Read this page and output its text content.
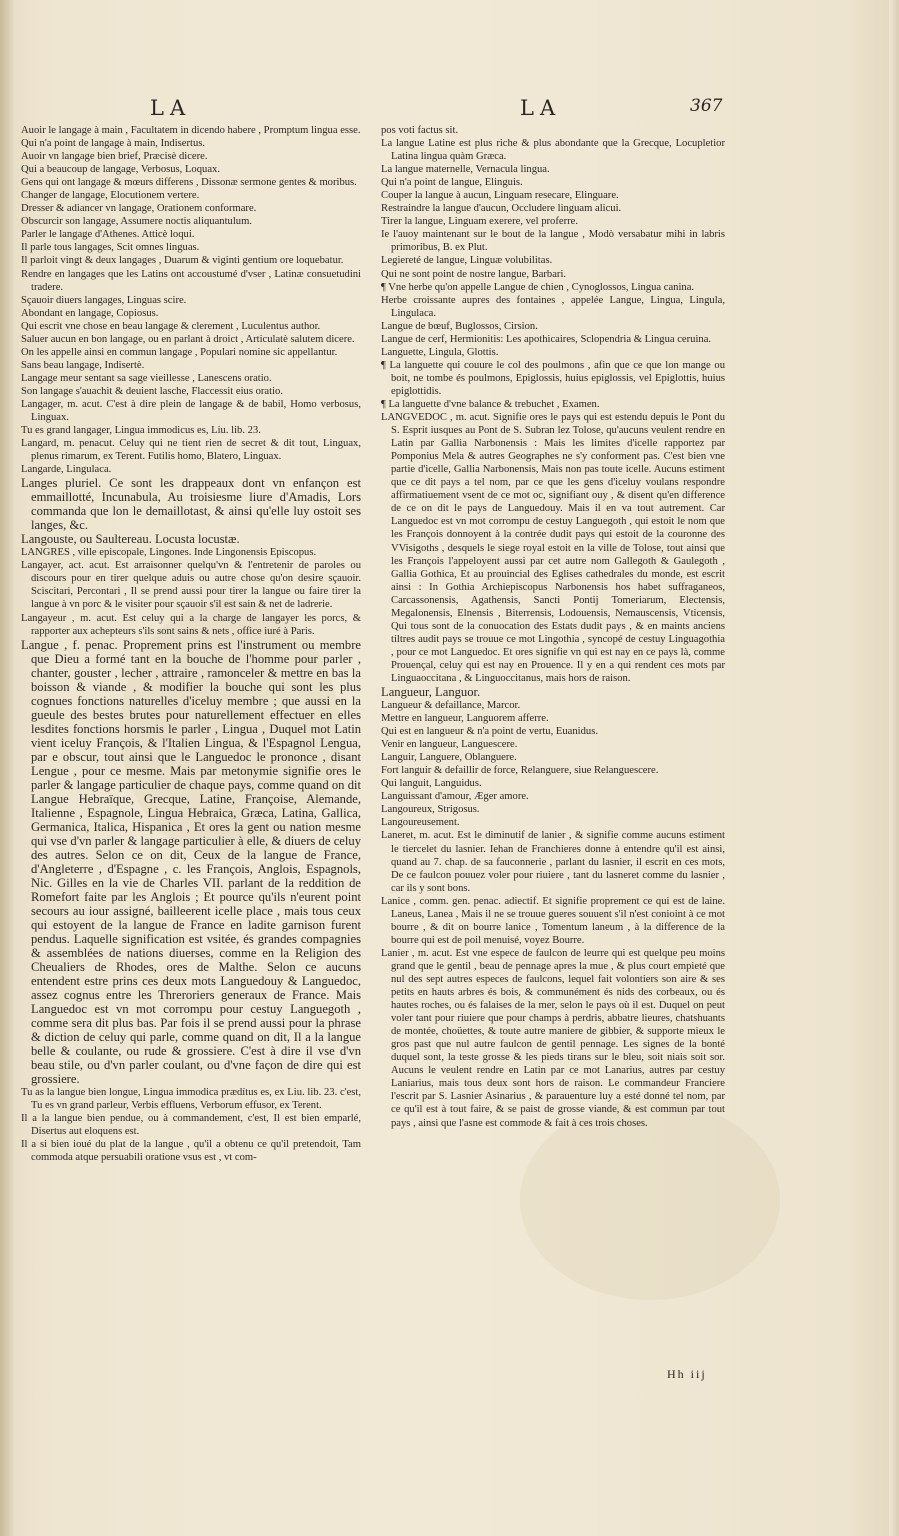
LA	LA	367

Auoir le langage à main , Facultatem in dicendo habere , Promptum lingua esse.

Qui n'a point de langage à main, Indisertus.

Auoir vn langage bien brief, Præcisè dicere.

Qui a beaucoup de langage, Verbosus, Loquax.

Gens qui ont langage & mœurs differens , Dissonæ sermone gentes & moribus.

Changer de langage, Elocutionem vertere.

Dresser & adiancer vn langage, Orationem conformare.

Obscurcir son langage, Assumere noctis aliquantulum.

Parler le langage d'Athenes. Atticè loqui.

Il parle tous langages, Scit omnes linguas.

Il parloit vingt & deux langages , Duarum & viginti gentium ore loquebatur.

Rendre en langages que les Latins ont accoustumé d'vser , Latinæ consuetudini tradere.

Sçauoir diuers langages, Linguas scire.

Abondant en langage, Copiosus.

Qui escrit vne chose en beau langage & clerement , Luculentus author.

Saluer aucun en bon langage, ou en parlant à droict , Articulatè salutem dicere.

On les appelle ainsi en commun langage , Populari nomine sic appellantur.

Sans beau langage, Indisertè.

Langage meur sentant sa sage vieillesse , Lanescens oratio.

Son langage s'auachit & deuient lasche, Flaccessit eius oratio.

Langager, m. acut. C'est à dire plein de langage & de babil, Homo verbosus, Linguax.

Tu es grand langager, Lingua immodicus es, Liu. lib. 23.

Langard, m. penacut. Celuy qui ne tient rien de secret & dit tout, Linguax, plenus rimarum, ex Terent. Futilis homo, Blatero, Linguax.

Langarde, Lingulaca.

Langes pluriel. Ce sont les drappeaux dont vn enfançon est emmaillotté, Incunabula, Au troisiesme liure d'Amadis, Lors commanda que lon le demaillotast, & ainsi qu'elle luy ostoit ses langes, &c.

Langouste, ou Saultereau. Locusta locustæ.

LANGRES , ville episcopale, Lingones. Inde Lingonensis Episcopus.

Langayer, act. acut. Est arraisonner quelqu'vn & l'entretenir de paroles ou discours pour en tirer quelque aduis ou autre chose qu'on desire sçauoir. Sciscitari, Percontari , Il se prend aussi pour tirer la langue ou faire tirer la langue à vn porc & le visiter pour sçauoir s'il est sain & net de ladrerie.

Langayeur , m. acut. Est celuy qui a la charge de langayer les porcs, & rapporter aux achepteurs s'ils sont sains & nets , office iuré à Paris.

Langue , f. penac. Proprement prins est l'instrument ou membre que Dieu a formé tant en la bouche de l'homme pour parler , chanter, gouster , lecher , attraire , ramonceler & mettre en bas la boisson & viande , & modifier la bouche qui sont les plus cognues fonctions naturelles d'iceluy membre ; que aussi en la gueule des bestes brutes pour naturellement effectuer en elles lesdites fonctions horsmis le parler , Lingua , Duquel mot Latin vient iceluy François, & l'Italien Lingua, & l'Espagnol Lengua, par e obscur, tout ainsi que le Languedoc le prononce , disant Lengue , pour ce mesme. Mais par metonymie signifie ores le parler & langage particulier de chaque pays, comme quand on dit Langue Hebraïque, Grecque, Latine, Françoise, Alemande, Italienne , Espagnole, Lingua Hebraica, Græca, Latina, Gallica, Germanica, Italica, Hispanica , Et ores la gent ou nation mesme qui vse d'vn parler & langage particulier à elle, & diuers de celuy des autres. Selon ce on dit, Ceux de la langue de France, d'Angleterre , d'Espagne , c. les François, Anglois, Espagnols, Nic. Gilles en la vie de Charles VII. parlant de la reddition de Romefort faite par les Anglois ; Et pource qu'ils n'eurent point secours au iour assigné, bailleerent icelle place , mais tous ceux qui estoyent de la langue de France en ladite garnison furent pendus. Laquelle signification est vsitée, és grandes compagnies & assemblées de nations diuerses, comme en la Religion des Cheualiers de Rhodes, ores de Malthe. Selon ce aucuns entendent estre prins ces deux mots Languedouy & Languedoc, assez cognus entre les Threroriers generaux de France. Mais Languedoc est vn mot corrompu pour cestuy Languegoth , comme sera dit plus bas. Par fois il se prend aussi pour la phrase & diction de celuy qui parle, comme quand on dit, Il a la langue belle & coulante, ou rude & grossiere. C'est à dire il vse d'vn beau stile, ou d'vn parler coulant, ou d'vne façon de dire qui est grossiere.

Tu as la langue bien longue, Lingua immodica prædítus es, ex Liu. lib. 23. c'est, Tu es vn grand parleur, Verbis effluens, Verborum effusor, ex Terent.

Il a la langue bien pendue, ou à commandement, c'est, Il est bien emparlé, Disertus aut eloquens est.

Il a si bien ioué du plat de la langue , qu'il a obtenu ce qu'il pretendoit, Tam commoda atque persuabili oratione vsus est , vt com-

pos voti factus sit.

La langue Latine est plus riche & plus abondante que la Grecque, Locupletior Latina lingua quàm Græca.

La langue maternelle, Vernacula lingua.

Qui n'a point de langue, Elinguis.

Couper la langue à aucun, Linguam resecare, Elinguare.

Restraindre la langue d'aucun, Occludere linguam alicui.

Tirer la langue, Linguam exerere, vel proferre.

Ie l'auoy maintenant sur le bout de la langue , Modò versabatur mihi in labris primoribus, B. ex Plut.

Legiereté de langue, Linguæ volubilitas.

Qui ne sont point de nostre langue, Barbari.

¶ Vne herbe qu'on appelle Langue de chien , Cynoglossos, Lingua canina.

Herbe croissante aupres des fontaines , appelée Langue, Lingua, Lingula, Lingulaca.

Langue de bœuf, Buglossos, Cirsion.

Langue de cerf, Hermionitis: Les apothicaires, Sclopendria & Lingua ceruina.

Languette, Lingula, Glottis.

¶ La languette qui couure le col des poulmons , afin que ce que lon mange ou boit, ne tombe és poulmons, Epiglossis, huius epiglossis, vel Epiglottis, huius epiglottidis.

¶ La languette d'vne balance & trebuchet , Examen.

LANGVEDOC , m. acut. Signifie ores le pays qui est estendu depuis le Pont du S. Esprit iusques au Pont de S. Subran lez Tolose, qu'aucuns veulent rendre en Latin par Gallia Narbonensis : Mais les limites d'icelle rapportez par Pomponius Mela & autres Geographes ne s'y conforment pas. C'est bien vne partie d'icelle, Gallia Narbonensis, Mais non pas toute icelle. Aucuns estiment que ce dit pays a tel nom, par ce que les gens d'iceluy voulans respondre affirmatiuement vsent de ce mot oc, signifiant ouy , & disent qu'en difference de ce on dit le pays de Languedouy. Mais il en va tout autrement. Car Languedoc est vn mot corrompu de cestuy Languegoth , qui estoit le nom que les François donnoyent à la contrée dudit pays qui estoit de la couronne des VVisigoths , desquels le siege royal estoit en la ville de Tolose, tout ainsi que les François l'appeloyent aussi par cet autre nom Gallegoth & Gaulegoth , Gallia Gothica, Et au prouincial des Eglises cathedrales du monde, est escrit ainsi : In Gothia Archiepiscopus Narbonensis hos habet suffraganeos, Carcassonensis, Agathensis, Sancti Pontij Tomeriarum, Electensis, Megalonensis, Elnensis , Biterrensis, Lodouensis, Nemauscensis, Vticensis, Qui tous sont de la conuocation des Estats dudit pays , & en maints anciens tiltres audit pays se trouue ce mot Lingothia , syncopé de cestuy Linguagothia , pour ce mot Languedoc. Et ores signifie vn qui est nay en ce pays là, comme Prouençal, celuy qui est nay en Prouence. Il y en a qui rendent ces mots par Linguaoccitana , & Linguoccitanus, mais hors de raison.

Langueur, Languor.

Langueur & defaillance, Marcor.

Mettre en langueur, Languorem afferre.

Qui est en langueur & n'a point de vertu, Euanidus.

Venir en langueur, Languescere.

Languir, Languere, Oblanguere.

Fort languir & defaillir de force, Relanguere, siue Relanguescere.

Qui languit, Languidus.

Languissant d'amour, Æger amore.

Langoureux, Strigosus.

Langoureusement.

Laneret, m. acut. Est le diminutif de lanier , & signifie comme aucuns estiment le tiercelet du lasnier. Iehan de Franchieres donne à entendre qu'il est ainsi, quand au 7. chap. de sa fauconnerie , parlant du lasnier, il escrit en ces mots, De ce faulcon pouuez voler pour riuiere , tant du lasneret comme du lasnier , car ils y sont bons.

Lanice , comm. gen. penac. adiectif. Et signifie proprement ce qui est de laine. Laneus, Lanea , Mais il ne se trouue gueres souuent s'il n'est conioint à ce mot bourre , & dit on bourre lanice , Tomentum laneum , à la difference de la bourre qui est de poil menuisé, voyez Bourre.

Lanier , m. acut. Est vne espece de faulcon de leurre qui est quelque peu moins grand que le gentil , beau de pennage apres la mue , & plus court empieté que nul des sept autres especes de faulcons, lequel fait volontiers son aire & ses petits en hauts arbres és bois, & communément és nids des corbeaux, ou és hautes roches, ou és falaises de la mer, selon le pays où il est. Duquel on peut voler tant pour riuiere que pour champs à perdris, abbatre lieures, chatshuants de montée, choüettes, & toute autre maniere de gibbier, & supporte mieux le gros past que nul autre faulcon de gentil pennage. Les signes de la bonté duquel sont, la teste grosse & les pieds tirans sur le bleu, soit niais soit sor. Aucuns le veulent rendre en Latin par ce mot Lanarius, autres par cestuy Laniarius, mais tous deux sont hors de raison. Le commandeur Franciere l'escrit par S. Lasnier Asinarius , & parauenture luy a esté donné tel nom, par ce qu'il est à tout faire, & se paist de grosse viande, & est commun par tout pays , ainsi que l'asne est commode & fait à ces trois choses.

Hh iij
